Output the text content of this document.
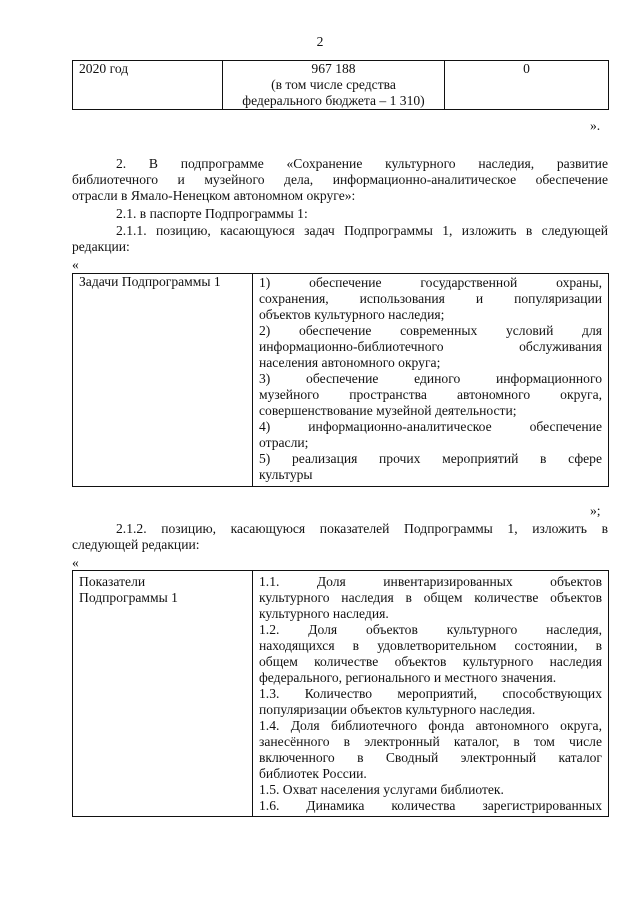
2
2020 год	967 188
(в том числе средства
федерального бюджета – 1 310)
	0
».
2. В подпрограмме «Сохранение культурного наследия, развитие
библиотечного и музейного дела, информационно-аналитическое обеспечение
отрасли в Ямало-Ненецком автономном округе»:
2.1. в паспорте Подпрограммы 1:
2.1.1. позицию, касающуюся задач Подпрограммы 1, изложить в следующей
редакции:
«
Задачи Подпрограммы 1	1) обеспечение государственной охраны,
сохранения, использования и популяризации
объектов культурного наследия;
2) обеспечение современных условий для
информационно-библиотечного обслуживания
населения автономного округа;
3) обеспечение единого информационного
музейного пространства автономного округа,
совершенствование музейной деятельности;
4) информационно-аналитическое обеспечение
отрасли;
5) реализация прочих мероприятий в сфере
культуры
»;
2.1.2. позицию, касающуюся показателей Подпрограммы 1, изложить в
следующей редакции:
«
Показатели
Подпрограммы 1

1.1. Доля инвентаризированных объектов
культурного наследия в общем количестве объектов
культурного наследия.
1.2. Доля объектов культурного наследия,
находящихся в удовлетворительном состоянии, в
общем количестве объектов культурного наследия
федерального, регионального и местного значения.
1.3. Количество мероприятий, способствующих
популяризации объектов культурного наследия.
1.4. Доля библиотечного фонда автономного округа,
занесённого в электронный каталог, в том числе
включенного в Сводный электронный каталог
библиотек России.
1.5. Охват населения услугами библиотек.
1.6. Динамика количества зарегистрированных
